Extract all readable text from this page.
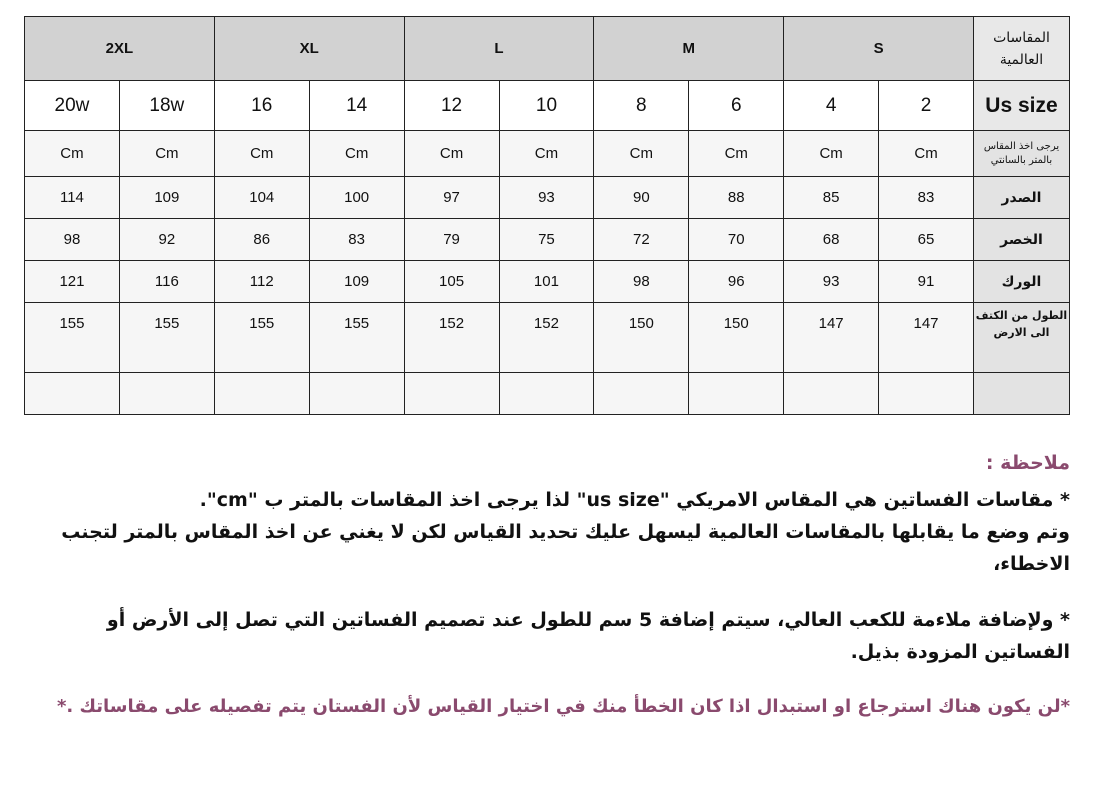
المقاسات العالمية	S		M		L		XL		2XL	
Us size	2	4	6	8	10	12	14	16	18w	20w
يرجى اخذ المقاس بالمتر بالسانتي	Cm	Cm	Cm	Cm	Cm	Cm	Cm	Cm	Cm	Cm
الصدر	83	85	88	90	93	97	100	104	109	114
الخصر	65	68	70	72	75	79	83	86	92	98
الورك	91	93	96	98	101	105	109	112	116	121
الطول من الكتف الى الارض	147	147	150	150	152	152	155	155	155	155

ملاحظة :

* مقاسات الفساتين هي المقاس الامريكي "us size" لذا يرجى اخذ المقاسات بالمتر ب "cm".

وتم وضع ما يقابلها بالمقاسات العالمية ليسهل عليك تحديد القياس لكن لا يغني عن اخذ المقاس بالمتر لتجنب الاخطاء،

* ولإضافة ملاءمة للكعب العالي، سيتم إضافة 5 سم للطول عند تصميم الفساتين التي تصل إلى الأرض أو الفساتين المزودة بذيل.

*لن يكون هناك استرجاع او استبدال اذا كان الخطأ منك في اختيار القياس لأن الفستان يتم تفصيله على مقاساتك .*
